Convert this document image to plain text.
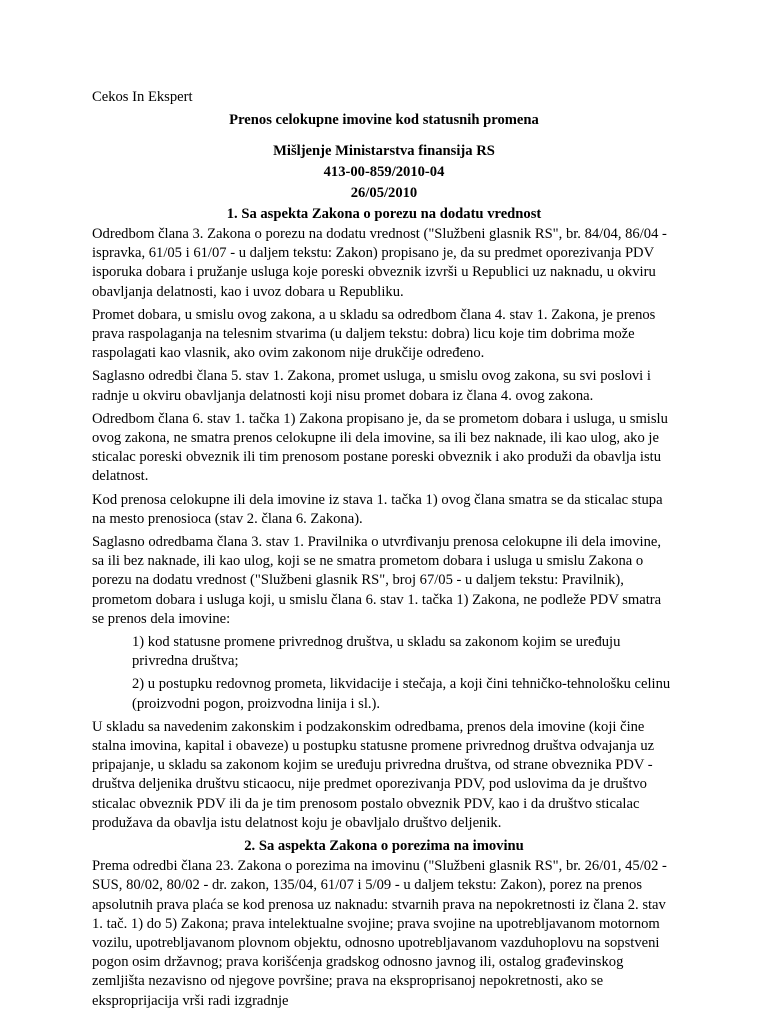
Cekos In Ekspert

Prenos celokupne imovine kod statusnih promena

Mišljenje Ministarstva finansija RS

413-00-859/2010-04

26/05/2010

1. Sa aspekta Zakona o porezu na dodatu vrednost

Odredbom člana 3. Zakona o porezu na dodatu vrednost ("Službeni glasnik RS", br. 84/04, 86/04 - ispravka, 61/05 i 61/07 - u daljem tekstu: Zakon) propisano je, da su predmet oporezivanja PDV isporuka dobara i pružanje usluga koje poreski obveznik izvrši u Republici uz naknadu, u okviru obavljanja delatnosti, kao i uvoz dobara u Republiku.

Promet dobara, u smislu ovog zakona, a u skladu sa odredbom člana 4. stav 1. Zakona, je prenos prava raspolaganja na telesnim stvarima (u daljem tekstu: dobra) licu koje tim dobrima može raspolagati kao vlasnik, ako ovim zakonom nije drukčije određeno.

Saglasno odredbi člana 5. stav 1. Zakona, promet usluga, u smislu ovog zakona, su svi poslovi i radnje u okviru obavljanja delatnosti koji nisu promet dobara iz člana 4. ovog zakona.

Odredbom člana 6. stav 1. tačka 1) Zakona propisano je, da se prometom dobara i usluga, u smislu ovog zakona, ne smatra prenos celokupne ili dela imovine, sa ili bez naknade, ili kao ulog, ako je sticalac poreski obveznik ili tim prenosom postane poreski obveznik i ako produži da obavlja istu delatnost.

Kod prenosa celokupne ili dela imovine iz stava 1. tačka 1) ovog člana smatra se da sticalac stupa na mesto prenosioca (stav 2. člana 6. Zakona).

Saglasno odredbama člana 3. stav 1. Pravilnika o utvrđivanju prenosa celokupne ili dela imovine, sa ili bez naknade, ili kao ulog, koji se ne smatra prometom dobara i usluga u smislu Zakona o porezu na dodatu vrednost ("Službeni glasnik RS", broj 67/05 - u daljem tekstu: Pravilnik), prometom dobara i usluga koji, u smislu člana 6. stav 1. tačka 1) Zakona, ne podleže PDV smatra se prenos dela imovine:

1) kod statusne promene privrednog društva, u skladu sa zakonom kojim se uređuju privredna društva;

2) u postupku redovnog prometa, likvidacije i stečaja, a koji čini tehničko-tehnološku celinu (proizvodni pogon, proizvodna linija i sl.).

U skladu sa navedenim zakonskim i podzakonskim odredbama, prenos dela imovine (koji čine stalna imovina, kapital i obaveze) u postupku statusne promene privrednog društva odvajanja uz pripajanje, u skladu sa zakonom kojim se uređuju privredna društva, od strane obveznika PDV - društva deljenika društvu sticaocu, nije predmet oporezivanja PDV, pod uslovima da je društvo sticalac obveznik PDV ili da je tim prenosom postalo obveznik PDV, kao i da društvo sticalac produžava da obavlja istu delatnost koju je obavljalo društvo deljenik.

2. Sa aspekta Zakona o porezima na imovinu

Prema odredbi člana 23. Zakona o porezima na imovinu ("Službeni glasnik RS", br. 26/01, 45/02 - SUS, 80/02, 80/02 - dr. zakon, 135/04, 61/07 i 5/09 - u daljem tekstu: Zakon), porez na prenos apsolutnih prava plaća se kod prenosa uz naknadu: stvarnih prava na nepokretnosti iz člana 2. stav 1. tač. 1) do 5) Zakona; prava intelektualne svojine; prava svojine na upotrebljavanom motornom vozilu, upotrebljavanom plovnom objektu, odnosno upotrebljavanom vazduhoplovu na sopstveni pogon osim državnog; prava korišćenja gradskog odnosno javnog ili, ostalog građevinskog zemljišta nezavisno od njegove površine; prava na eksproprisanoj nepokretnosti, ako se eksproprijacija vrši radi izgradnje
